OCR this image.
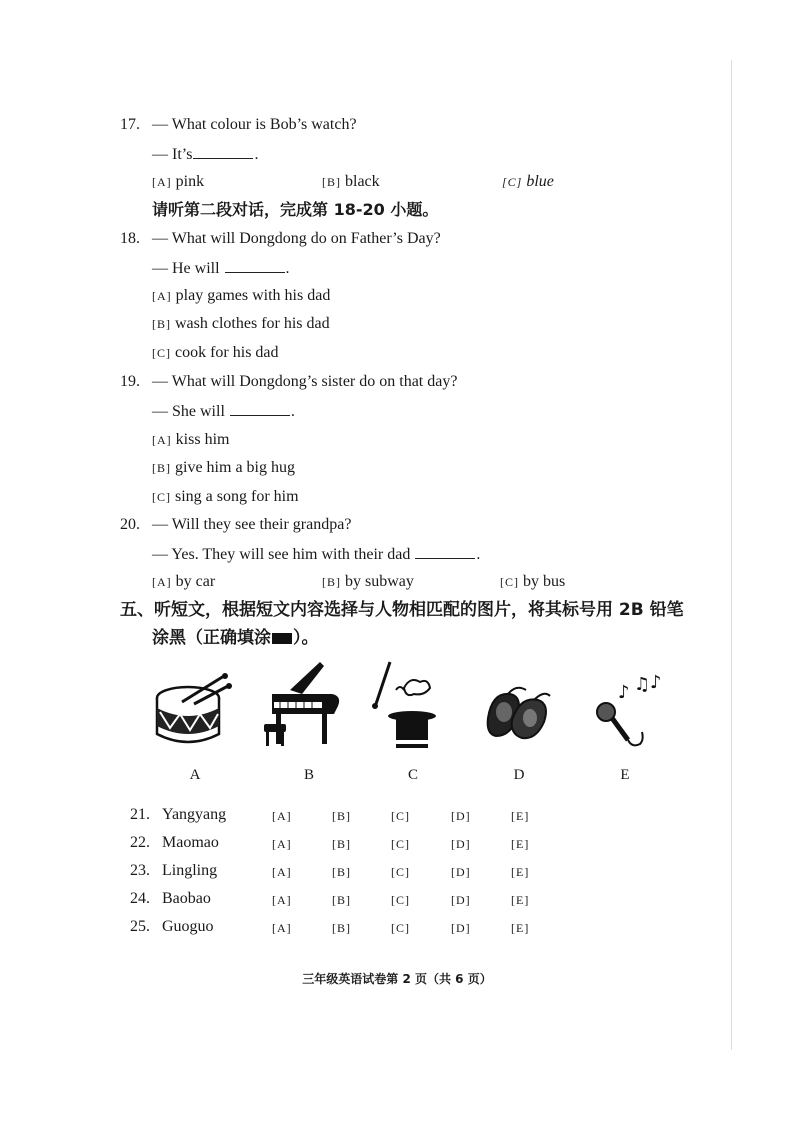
17. — What colour is Bob’s watch?
— It’s	.
[A] pink	[B] black	[C] blue
请听第二段对话，完成第 18-20 小题。
18. — What will Dongdong do on Father’s Day?
— He will	.
[A] play games with his dad
[B] wash clothes for his dad
[C] cook for his dad
19. — What will Dongdong’s sister do on that day?
— She will	.
[A] kiss him
[B] give him a big hug
[C] sing a song for him
20. — Will they see their grandpa?
— Yes. They will see him with their dad	.
[A] by car	[B] by subway	[C] by bus
五、听短文，根据短文内容选择与人物相匹配的图片，将其标号用 2B 铅笔
涂黑（正确填涂 ）。
♪ ♫ ♪
A	B	C	D	E
21. Yangyang	[A]	[B]	[C]	[D]	[E]
22. Maomao	[A]	[B]	[C]	[D]	[E]
23. Lingling	[A]	[B]	[C]	[D]	[E]
24. Baobao	[A]	[B]	[C]	[D]	[E]
25. Guoguo	[A]	[B]	[C]	[D]	[E]
三年级英语试卷第 2 页（共 6 页）
